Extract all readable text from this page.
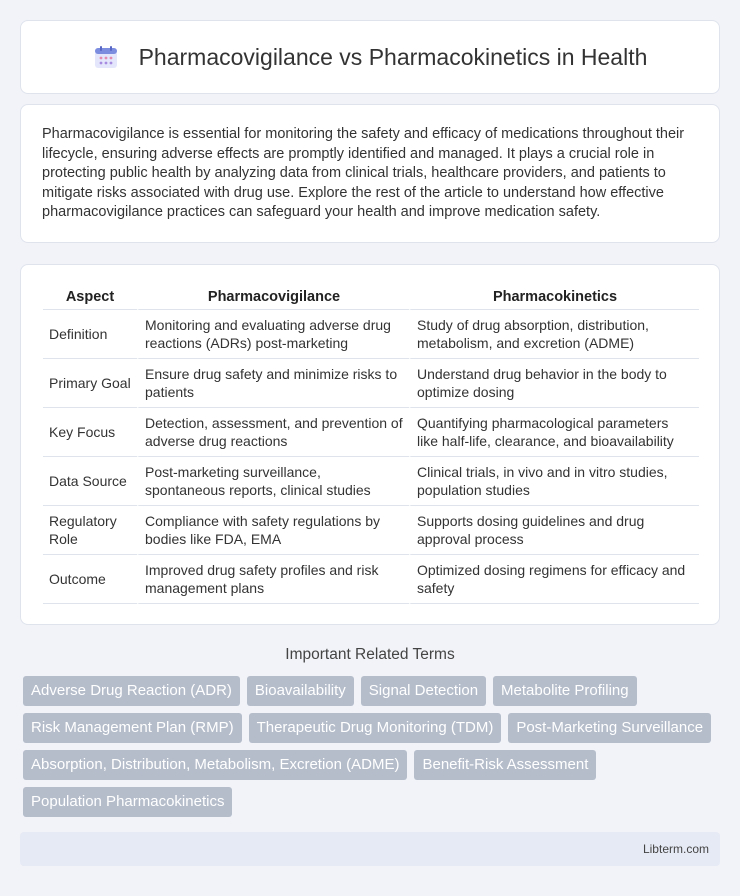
Pharmacovigilance vs Pharmacokinetics in Health

Pharmacovigilance is essential for monitoring the safety and efficacy of medications throughout their lifecycle, ensuring adverse effects are promptly identified and managed. It plays a crucial role in protecting public health by analyzing data from clinical trials, healthcare providers, and patients to mitigate risks associated with drug use. Explore the rest of the article to understand how effective pharmacovigilance practices can safeguard your health and improve medication safety.

Aspect	Pharmacovigilance	Pharmacokinetics
Definition	Monitoring and evaluating adverse drug reactions (ADRs) post-marketing	Study of drug absorption, distribution, metabolism, and excretion (ADME)
Primary Goal	Ensure drug safety and minimize risks to patients	Understand drug behavior in the body to optimize dosing
Key Focus	Detection, assessment, and prevention of adverse drug reactions	Quantifying pharmacological parameters like half-life, clearance, and bioavailability
Data Source	Post-marketing surveillance, spontaneous reports, clinical studies	Clinical trials, in vivo and in vitro studies, population studies
Regulatory Role	Compliance with safety regulations by bodies like FDA, EMA	Supports dosing guidelines and drug approval process
Outcome	Improved drug safety profiles and risk management plans	Optimized dosing regimens for efficacy and safety
Important Related Terms
Adverse Drug Reaction (ADR)	Bioavailability	Signal Detection	Metabolite Profiling
Risk Management Plan (RMP)	Therapeutic Drug Monitoring (TDM)	Post-Marketing Surveillance
Absorption, Distribution, Metabolism, Excretion (ADME)	Benefit-Risk Assessment
Population Pharmacokinetics
Libterm.com
